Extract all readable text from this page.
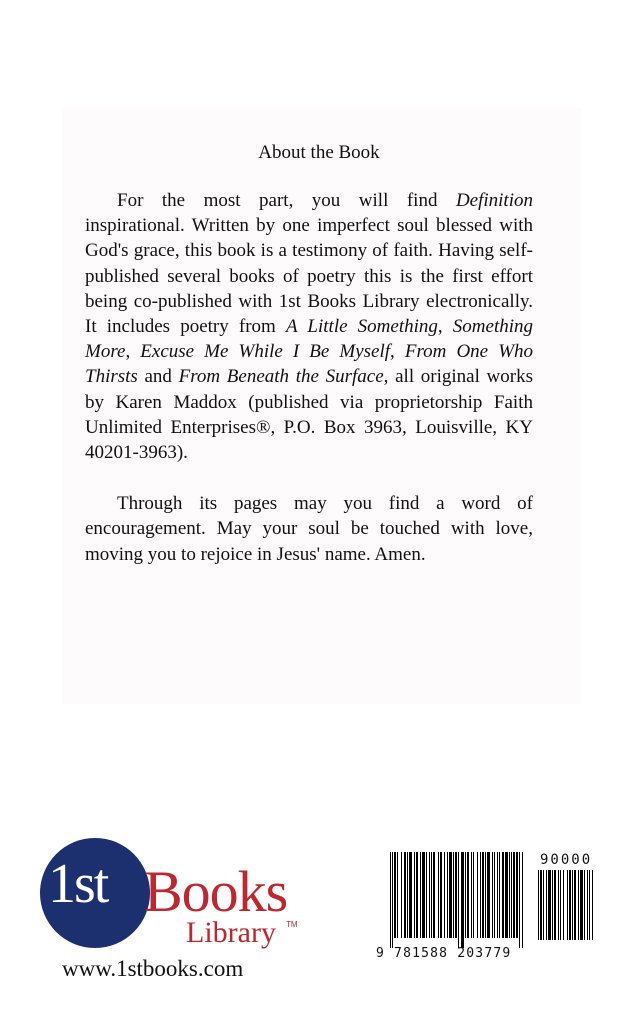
About the Book

For the most part, you will find Definition inspirational. Written by one imperfect soul blessed with God's grace, this book is a testimony of faith. Having self-published several books of poetry this is the first effort being co-published with 1st Books Library electronically. It includes poetry from A Little Something, Something More, Excuse Me While I Be Myself, From One Who Thirsts and From Beneath the Surface, all original works by Karen Maddox (published via proprietorship Faith Unlimited Enterprises®, P.O. Box 3963, Louisville, KY 40201-3963).

Through its pages may you find a word of encouragement. May your soul be touched with love, moving you to rejoice in Jesus' name. Amen.

1st Books
Library TM
www.1stbooks.com
90000
9 781588 203779
